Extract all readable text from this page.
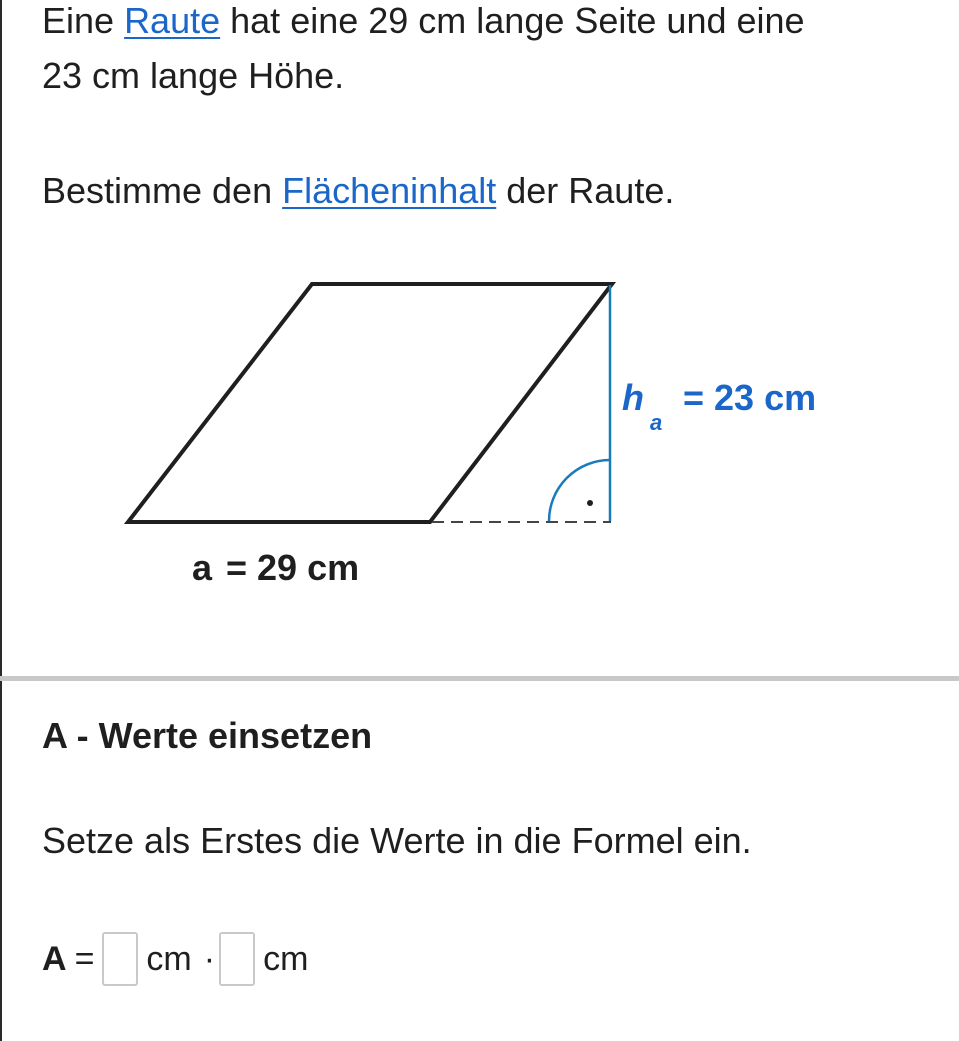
Eine Raute hat eine 29 cm lange Seite und eine
23 cm lange Höhe.
Bestimme den Flächeninhalt der Raute.
h
a
= 23 cm
a = 29 cm
A - Werte einsetzen
Setze als Erstes die Werte in die Formel ein.
A = cm · cm
